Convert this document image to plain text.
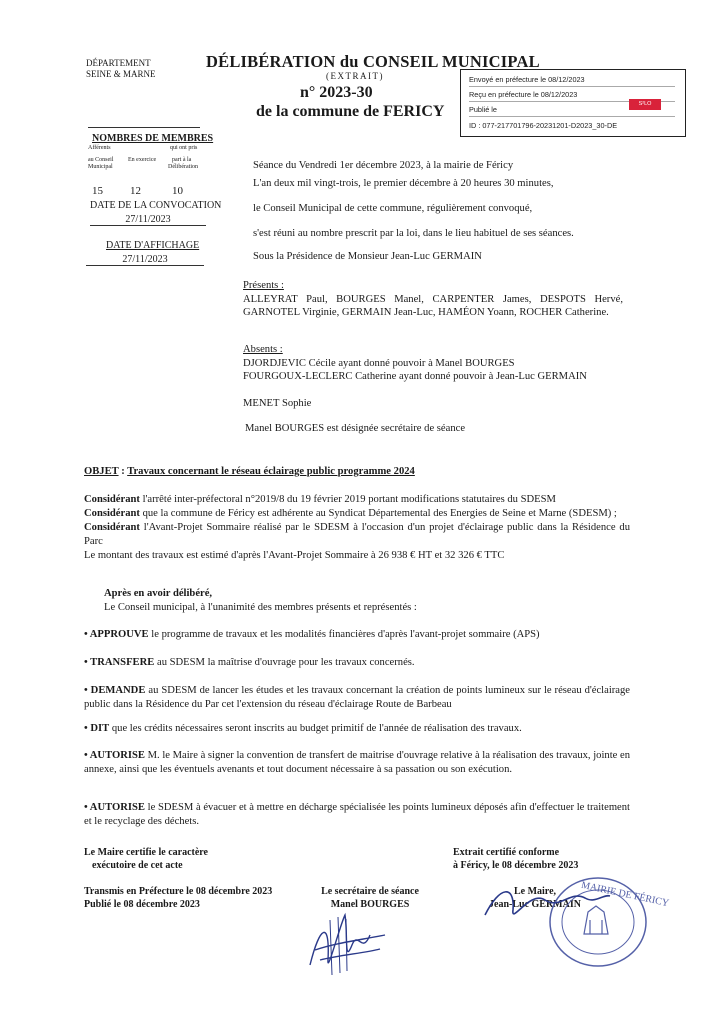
DÉPARTEMENT
SEINE & MARNE
DÉLIBÉRATION du CONSEIL MUNICIPAL
(EXTRAIT)
n° 2023-30
de la commune de FERICY
Envoyé en préfecture le 08/12/2023
Reçu en préfecture le 08/12/2023
Publié le
S²LO
ID : 077-217701796-20231201-D2023_30-DE
NOMBRES DE MEMBRES
Afférents
au Conseil
Municipal
En exercice
qui ont pris
part à la
Délibération
15 12	10
DATE DE LA CONVOCATION
27/11/2023
DATE D'AFFICHAGE
27/11/2023
Séance du Vendredi 1er décembre 2023, à la mairie de Féricy
L'an deux mil vingt-trois, le premier décembre à 20 heures 30 minutes,
le Conseil Municipal de cette commune, régulièrement convoqué,
s'est réuni au nombre prescrit par la loi, dans le lieu habituel de ses séances.
Sous la Présidence de Monsieur Jean-Luc GERMAIN
Présents :
ALLEYRAT Paul, BOURGES Manel, CARPENTER James, DESPOTS Hervé, GARNOTEL Virginie, GERMAIN Jean-Luc, HAMÉON Yoann, ROCHER Catherine.
Absents :
DJORDJEVIC Cécile ayant donné pouvoir à Manel BOURGES
FOURGOUX-LECLERC Catherine ayant donné pouvoir à Jean-Luc GERMAIN
MENET Sophie
Manel BOURGES est désignée secrétaire de séance
OBJET : Travaux concernant le réseau éclairage public programme 2024
Considérant l'arrêté inter-préfectoral n°2019/8 du 19 février 2019 portant modifications statutaires du SDESM
Considérant que la commune de Féricy est adhérente au Syndicat Départemental des Energies de Seine et Marne (SDESM) ;
Considérant l'Avant-Projet Sommaire réalisé par le SDESM à l'occasion d'un projet d'éclairage public dans la Résidence du Parc
Le montant des travaux est estimé d'après l'Avant-Projet Sommaire à 26 938 € HT et 32 326 € TTC
Après en avoir délibéré,
Le Conseil municipal, à l'unanimité des membres présents et représentés :
• APPROUVE le programme de travaux et les modalités financières d'après l'avant-projet sommaire (APS)
• TRANSFERE au SDESM la maîtrise d'ouvrage pour les travaux concernés.
• DEMANDE au SDESM de lancer les études et les travaux concernant la création de points lumineux sur le réseau d'éclairage public dans la Résidence du Par cet l'extension du réseau d'éclairage Route de Barbeau
• DIT que les crédits nécessaires seront inscrits au budget primitif de l'année de réalisation des travaux.
• AUTORISE M. le Maire à signer la convention de transfert de maitrise d'ouvrage relative à la réalisation des travaux, jointe en annexe, ainsi que les éventuels avenants et tout document nécessaire à sa passation ou son exécution.
• AUTORISE le SDESM à évacuer et à mettre en décharge spécialisée les points lumineux déposés afin d'effectuer le traitement et le recyclage des déchets.
Le Maire certifie le caractère
exécutoire de cet acte
Extrait certifié conforme
à Féricy, le 08 décembre 2023
Transmis en Préfecture le 08 décembre 2023
Publié le 08 décembre 2023
Le secrétaire de séance
Manel BOURGES
Le Maire,
Jean-Luc GERMAIN MAIRIE DE FÉRICY
